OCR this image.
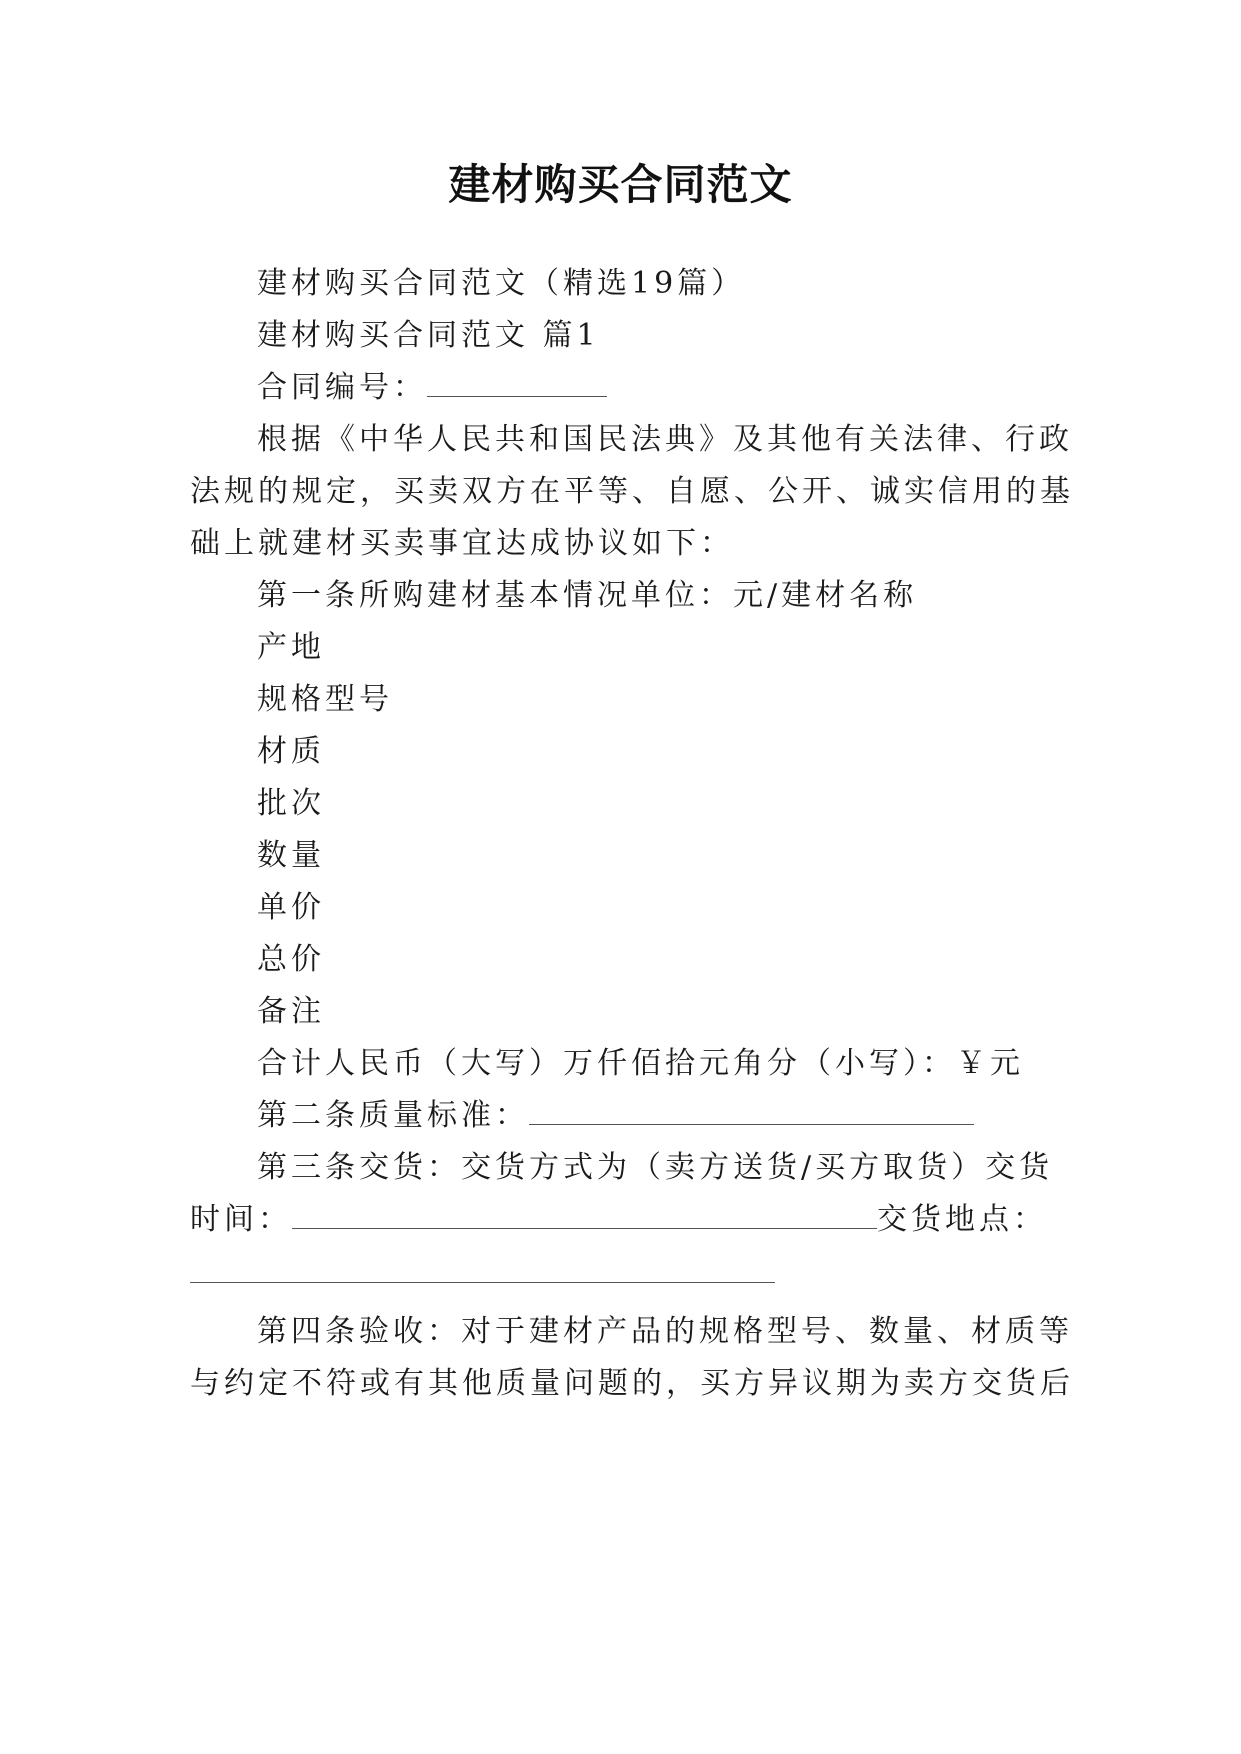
建材购买合同范文
建材购买合同范文（精选19篇）
建材购买合同范文 篇1
合同编号：
根据《中华人民共和国民法典》及其他有关法律、行政
法规的规定，买卖双方在平等、自愿、公开、诚实信用的基
础上就建材买卖事宜达成协议如下：
第一条所购建材基本情况单位：元/建材名称
产地
规格型号
材质
批次
数量
单价
总价
备注
合计人民币（大写）万仟佰拾元角分（小写）：￥元
第二条质量标准：
第三条交货：交货方式为（卖方送货/买方取货）交货
时间：	交货地点：
第四条验收：对于建材产品的规格型号、数量、材质等
与约定不符或有其他质量问题的，买方异议期为卖方交货后
